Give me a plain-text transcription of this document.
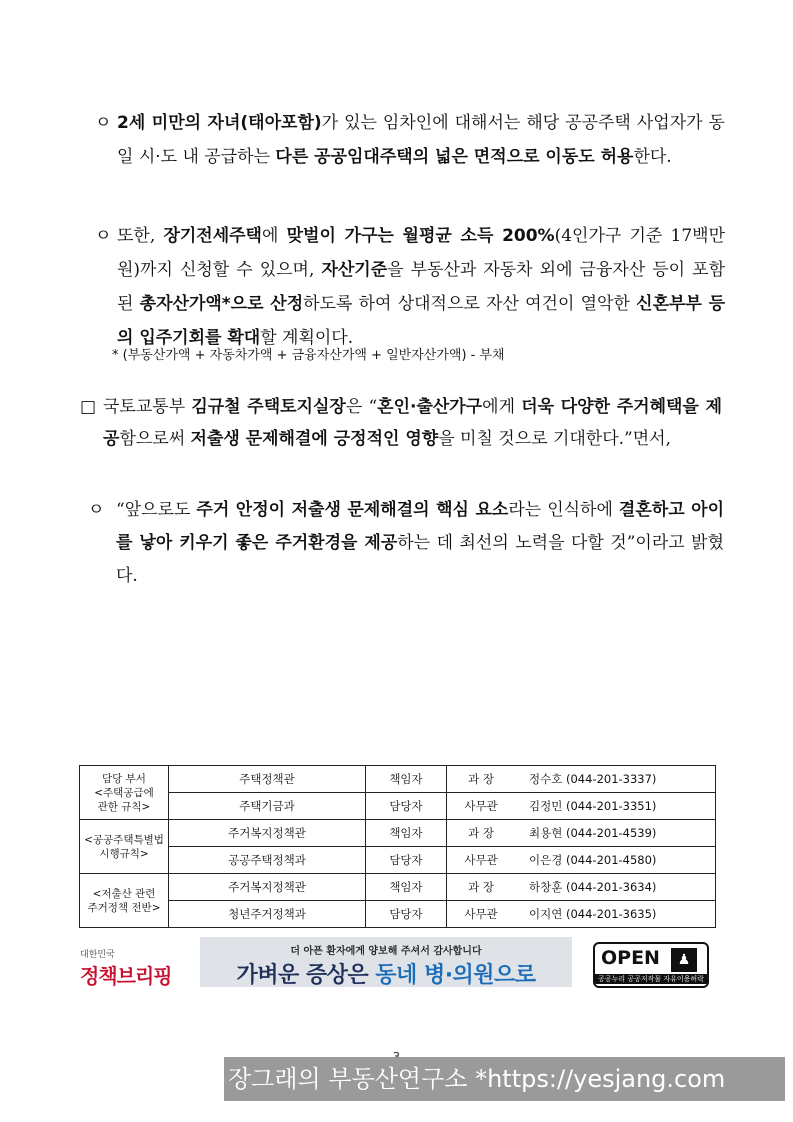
ㅇ 2세 미만의 자녀(태아포함)가 있는 임차인에 대해서는 해당 공공주택 사업자가 동일 시·도 내 공급하는 다른 공공임대주택의 넓은 면적으로 이동도 허용한다.
ㅇ 또한, 장기전세주택에 맞벌이 가구는 월평균 소득 200%(4인가구 기준 17백만원)까지 신청할 수 있으며, 자산기준을 부동산과 자동차 외에 금융자산 등이 포함된 총자산가액*으로 산정하도록 하여 상대적으로 자산 여건이 열악한 신혼부부 등의 입주기회를 확대할 계획이다.
* (부동산가액 + 자동차가액 + 금융자산가액 + 일반자산가액) - 부채
□ 국토교통부 김규철 주택토지실장은 “혼인·출산가구에게 더욱 다양한 주거혜택을 제공함으로써 저출생 문제해결에 긍정적인 영향을 미칠 것으로 기대한다.”면서,
ㅇ “앞으로도 주거 안정이 저출생 문제해결의 핵심 요소라는 인식하에 결혼하고 아이를 낳아 키우기 좋은 주거환경을 제공하는 데 최선의 노력을 다할 것”이라고 밝혔다.
담당 부서
<주택공급에
관한 규칙>	주택정책관	책임자	과 장	정수호 (044-201-3337)
	주택기금과	담당자	사무관	김정민 (044-201-3351)
<공공주택특별법
시행규칙>	주거복지정책관	책임자	과 장	최용현 (044-201-4539)
	공공주택정책과	담당자	사무관	이은경 (044-201-4580)
<저출산 관련
주거정책 전반>	주거복지정책관	책임자	과 장	하창훈 (044-201-3634)
	청년주거정책과	담당자	사무관	이지연 (044-201-3635)
대한민국
정책브리핑
더 아픈 환자에게 양보해 주셔서 감사합니다
가벼운 증상은 동네 병·의원으로
OPEN	♟
공공누리 공공저작물 자유이용허락
장그래의 부동산연구소 *https://yesjang.com
